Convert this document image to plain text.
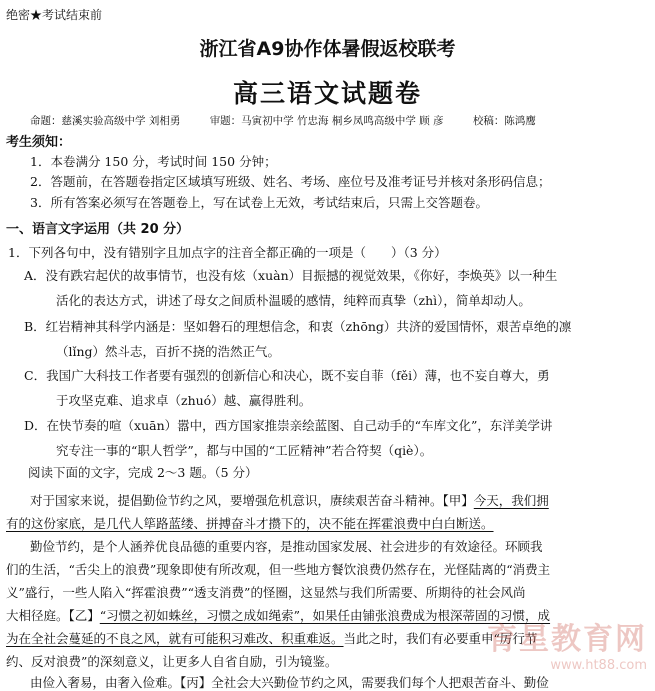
绝密★考试结束前
浙江省A9协作体暑假返校联考
高三语文试题卷
命题：慈溪实验高级中学 刘相勇	审题：马寅初中学 竹忠海 桐乡凤鸣高级中学 顾 彦	校稿：陈鸿鹰
考生须知：
1．本卷满分 150 分，考试时间 150 分钟；
2．答题前，在答题卷指定区域填写班级、姓名、考场、座位号及准考证号并核对条形码信息；
3．所有答案必须写在答题卷上，写在试卷上无效，考试结束后，只需上交答题卷。
一、语言文字运用（共 20 分）
1．下列各句中，没有错别字且加点字的注音全都正确的一项是（　　）（3 分）
A．没有跌宕起伏的故事情节，也没有炫（xuàn）目振撼的视觉效果，《你好，李焕英》以一种生
活化的表达方式，讲述了母女之间质朴温暖的感情，纯粹而真挚（zhì），简单却动人。
B．红岩精神其科学内涵是：坚如磐石的理想信念，和衷（zhōng）共济的爱国情怀，艰苦卓绝的凛
（lǐng）然斗志，百折不挠的浩然正气。
C．我国广大科技工作者要有强烈的创新信心和决心，既不妄自菲（fěi）薄，也不妄自尊大，勇
于攻坚克难、追求卓（zhuó）越、赢得胜利。
D．在快节奏的喧（xuān）嚣中，西方国家推崇亲绘蓝图、自己动手的“车库文化”，东洋美学讲
究专注一事的“职人哲学”，都与中国的“工匠精神”若合符契（qiè）。
阅读下面的文字，完成 2～3 题。（5 分）
对于国家来说，提倡勤俭节约之风，要增强危机意识，赓续艰苦奋斗精神。【甲】今天，我们拥
有的这份家底，是几代人筚路蓝缕、拼搏奋斗才攒下的，决不能在挥霍浪费中白白断送。
勤俭节约，是个人涵养优良品德的重要内容，是推动国家发展、社会进步的有效途径。环顾我
们的生活，“舌尖上的浪费”现象即使有所改观，但一些地方餐饮浪费仍然存在，光怪陆离的“消费主
义”盛行，一些人陷入“挥霍浪费”“透支消费”的怪圈，这显然与我们所需要、所期待的社会风尚
大相径庭。【乙】“习惯之初如蛛丝，习惯之成如绳索”，如果任由铺张浪费成为根深蒂固的习惯，成
为在全社会蔓延的不良之风，就有可能积习难改、积重难返。当此之时，我们有必要重申“厉行节
约、反对浪费”的深刻意义，让更多人自省自励，引为镜鉴。
由俭入奢易，由奢入俭难。【丙】全社会大兴勤俭节约之风，需要我们每个人把艰苦奋斗、勤俭
育星教育网
www.ht88.com
